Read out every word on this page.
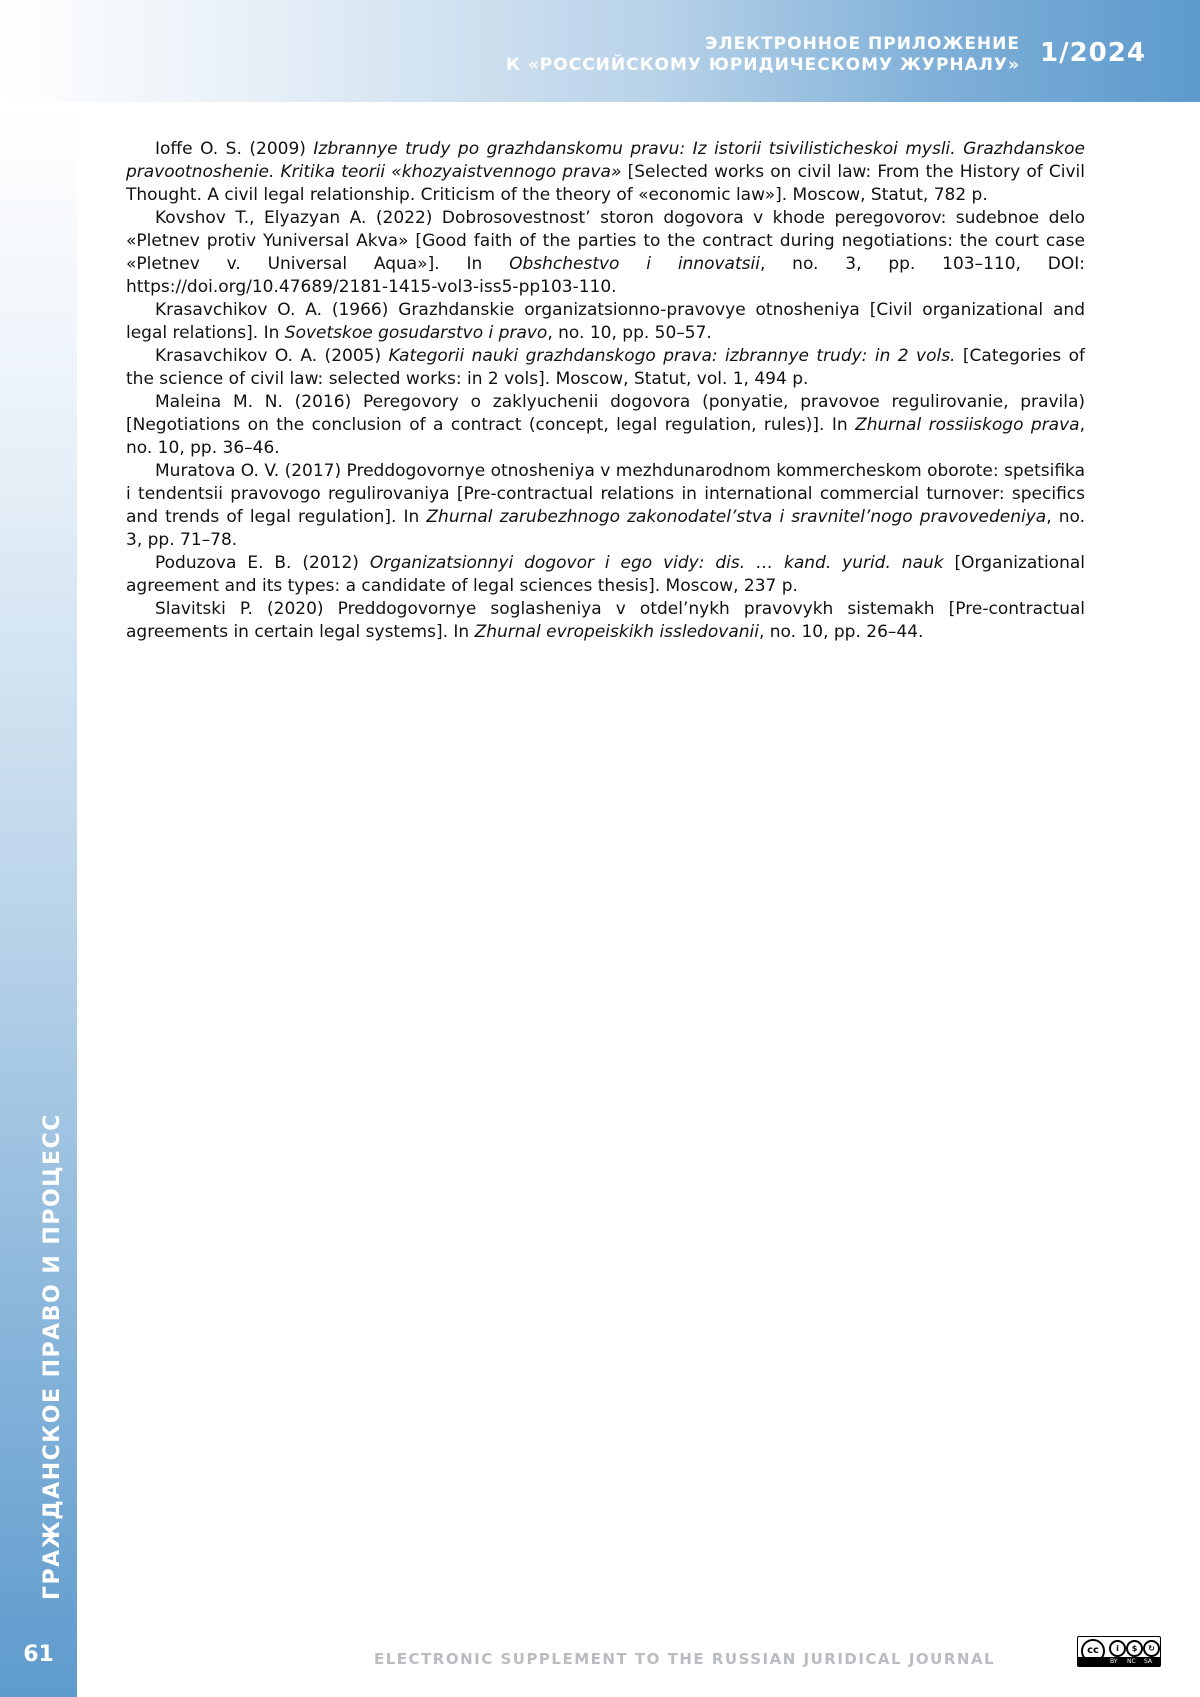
ЭЛЕКТРОННОЕ ПРИЛОЖЕНИЕ
К «РОССИЙСКОМУ ЮРИДИЧЕСКОМУ ЖУРНАЛУ» 1/2024
ГРАЖДАНСКОЕ ПРАВО И ПРОЦЕСС
61

Ioffe O. S. (2009) Izbrannye trudy po grazhdanskomu pravu: Iz istorii tsivilisticheskoi mysli. Grazhdanskoe pravootnoshenie. Kritika teorii «khozyaistvennogo prava» [Selected works on civil law: From the History of Civil Thought. A civil legal relationship. Criticism of the theory of «economic law»]. Moscow, Statut, 782 p.

Kovshov T., Elyazyan A. (2022) Dobrosovestnost’ storon dogovora v khode peregovorov: sudebnoe delo «Pletnev protiv Yuniversal Akva» [Good faith of the parties to the contract during negotiations: the court case «Pletnev v. Universal Aqua»]. In Obshchestvo i innovatsii, no. 3, pp. 103–110, DOI: https://doi.org/10.47689/2181-1415-vol3-iss5-pp103-110.

Krasavchikov O. A. (1966) Grazhdanskie organizatsionno-pravovye otnosheniya [Civil organizational and legal relations]. In Sovetskoe gosudarstvo i pravo, no. 10, pp. 50–57.

Krasavchikov O. A. (2005) Kategorii nauki grazhdanskogo prava: izbrannye trudy: in 2 vols. [Categories of the science of civil law: selected works: in 2 vols]. Moscow, Statut, vol. 1, 494 p.

Maleina M. N. (2016) Peregovory o zaklyuchenii dogovora (ponyatie, pravovoe regulirovanie, pravila) [Negotiations on the conclusion of a contract (concept, legal regulation, rules)]. In Zhurnal rossiiskogo prava, no. 10, pp. 36–46.

Muratova O. V. (2017) Preddogovornye otnosheniya v mezhdunarodnom kommercheskom oborote: spetsifika i tendentsii pravovogo regulirovaniya [Pre-contractual relations in international commercial turnover: specifics and trends of legal regulation]. In Zhurnal zarubezhnogo zakonodatel’stva i sravnitel’nogo pravovedeniya, no. 3, pp. 71–78.

Poduzova E. B. (2012) Organizatsionnyi dogovor i ego vidy: dis. … kand. yurid. nauk [Organizational agreement and its types: a candidate of legal sciences thesis]. Moscow, 237 p.

Slavitski P. (2020) Preddogovornye soglasheniya v otdel’nykh pravovykh sistemakh [Pre-contractual agreements in certain legal systems]. In Zhurnal evropeiskikh issledovanii, no. 10, pp. 26–44.

ELECTRONIC SUPPLEMENT TO THE RUSSIAN JURIDICAL JOURNAL	cc	i	$	↻
BY NC SA
